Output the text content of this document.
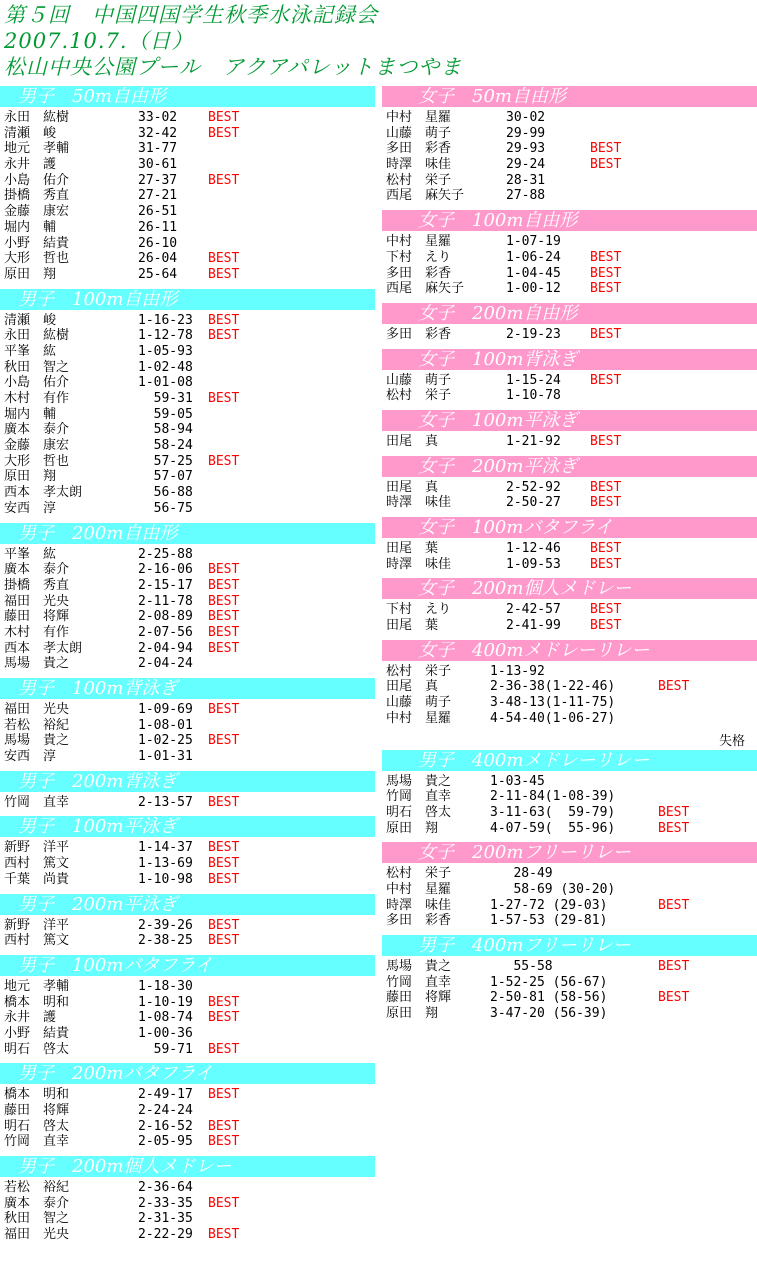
第５回　中国四国学生秋季水泳記録会
2007.10.7.（日）
松山中央公園プール　アクアパレットまつやま
　男子　50m自由形
永田　紘樹	33-02 BEST
清瀬　峻	32-42 BEST
地元　孝輔	31-77
永井　護	30-61
小島　佑介	27-37 BEST
掛橋　秀直	27-21
金藤　康宏	26-51
堀内　輔	26-11
小野　結貴	26-10
大形　哲也	26-04 BEST
原田　翔	25-64 BEST
　男子　100m自由形
清瀬　峻	1-16-23 BEST
永田　紘樹	1-12-78 BEST
平峯　紘	1-05-93
秋田　智之	1-02-48
小島　佑介	1-01-08
木村　有作	59-31 BEST
堀内　輔	59-05
廣本　泰介	58-94
金藤　康宏	58-24
大形　哲也	57-25 BEST
原田　翔	57-07
西本　孝太朗	56-88
安西　淳	56-75
　男子　200m自由形
平峯　紘	2-25-88
廣本　泰介	2-16-06 BEST
掛橋　秀直	2-15-17 BEST
福田　光央	2-11-78 BEST
藤田　将輝	2-08-89 BEST
木村　有作	2-07-56 BEST
西本　孝太朗	2-04-94 BEST
馬場　貴之	2-04-24
　男子　100m背泳ぎ
福田　光央	1-09-69 BEST
若松　裕紀	1-08-01
馬場　貴之	1-02-25 BEST
安西　淳	1-01-31
　男子　200m背泳ぎ
竹岡　直幸	2-13-57 BEST
　男子　100m平泳ぎ
新野　洋平	1-14-37 BEST
西村　篤文	1-13-69 BEST
千葉　尚貴	1-10-98 BEST
　男子　200m平泳ぎ
新野　洋平	2-39-26 BEST
西村　篤文	2-38-25 BEST
　男子　100mバタフライ
地元　孝輔	1-18-30
橋本　明和	1-10-19 BEST
永井　護	1-08-74 BEST
小野　結貴	1-00-36
明石　啓太	59-71 BEST
　男子　200mバタフライ
橋本　明和	2-49-17 BEST
藤田　将輝	2-24-24
明石　啓太	2-16-52 BEST
竹岡　直幸	2-05-95 BEST
　男子　200m個人メドレー
若松　裕紀	2-36-64
廣本　泰介	2-33-35 BEST
秋田　智之	2-31-35
福田　光央	2-22-29 BEST
　　女子　50m自由形
中村　星羅	30-02
山藤　萌子	29-99
多田　彩香	29-93	BEST
時澤　味佳	29-24	BEST
松村　栄子	28-31
西尾　麻矢子	27-88
　　女子　100m自由形
中村　星羅	1-07-19
下村　えり	1-06-24 BEST
多田　彩香	1-04-45 BEST
西尾　麻矢子	1-00-12 BEST
　　女子　200m自由形
多田　彩香	2-19-23 BEST
　　女子　100m背泳ぎ
山藤　萌子	1-15-24 BEST
松村　栄子	1-10-78
　　女子　100m平泳ぎ
田尾　真	1-21-92 BEST
　　女子　200m平泳ぎ
田尾　真	2-52-92 BEST
時澤　味佳	2-50-27 BEST
　　女子　100mバタフライ
田尾　葉	1-12-46 BEST
時澤　味佳	1-09-53 BEST
　　女子　200m個人メドレー
下村　えり	2-42-57 BEST
田尾　葉	2-41-99 BEST
　　女子　400mメドレーリレー
松村　栄子	1-13-92
田尾　真	2-36-38(1-22-46)	BEST
山藤　萌子	3-48-13(1-11-75)
中村　星羅	4-54-40(1-06-27)
失格
　　男子　400mメドレーリレー
馬場　貴之	1-03-45
竹岡　直幸	2-11-84(1-08-39)
明石　啓太	3-11-63(  59-79)	BEST
原田　翔	4-07-59(  55-96)	BEST
　　女子　200mフリーリレー
松村　栄子	28-49
中村　星羅	58-69 (30-20)
時澤　味佳	1-27-72 (29-03)	BEST
多田　彩香	1-57-53 (29-81)
　　男子　400mフリーリレー
馬場　貴之	55-58	BEST
竹岡　直幸	1-52-25 (56-67)
藤田　将輝	2-50-81 (58-56)	BEST
原田　翔	3-47-20 (56-39)
